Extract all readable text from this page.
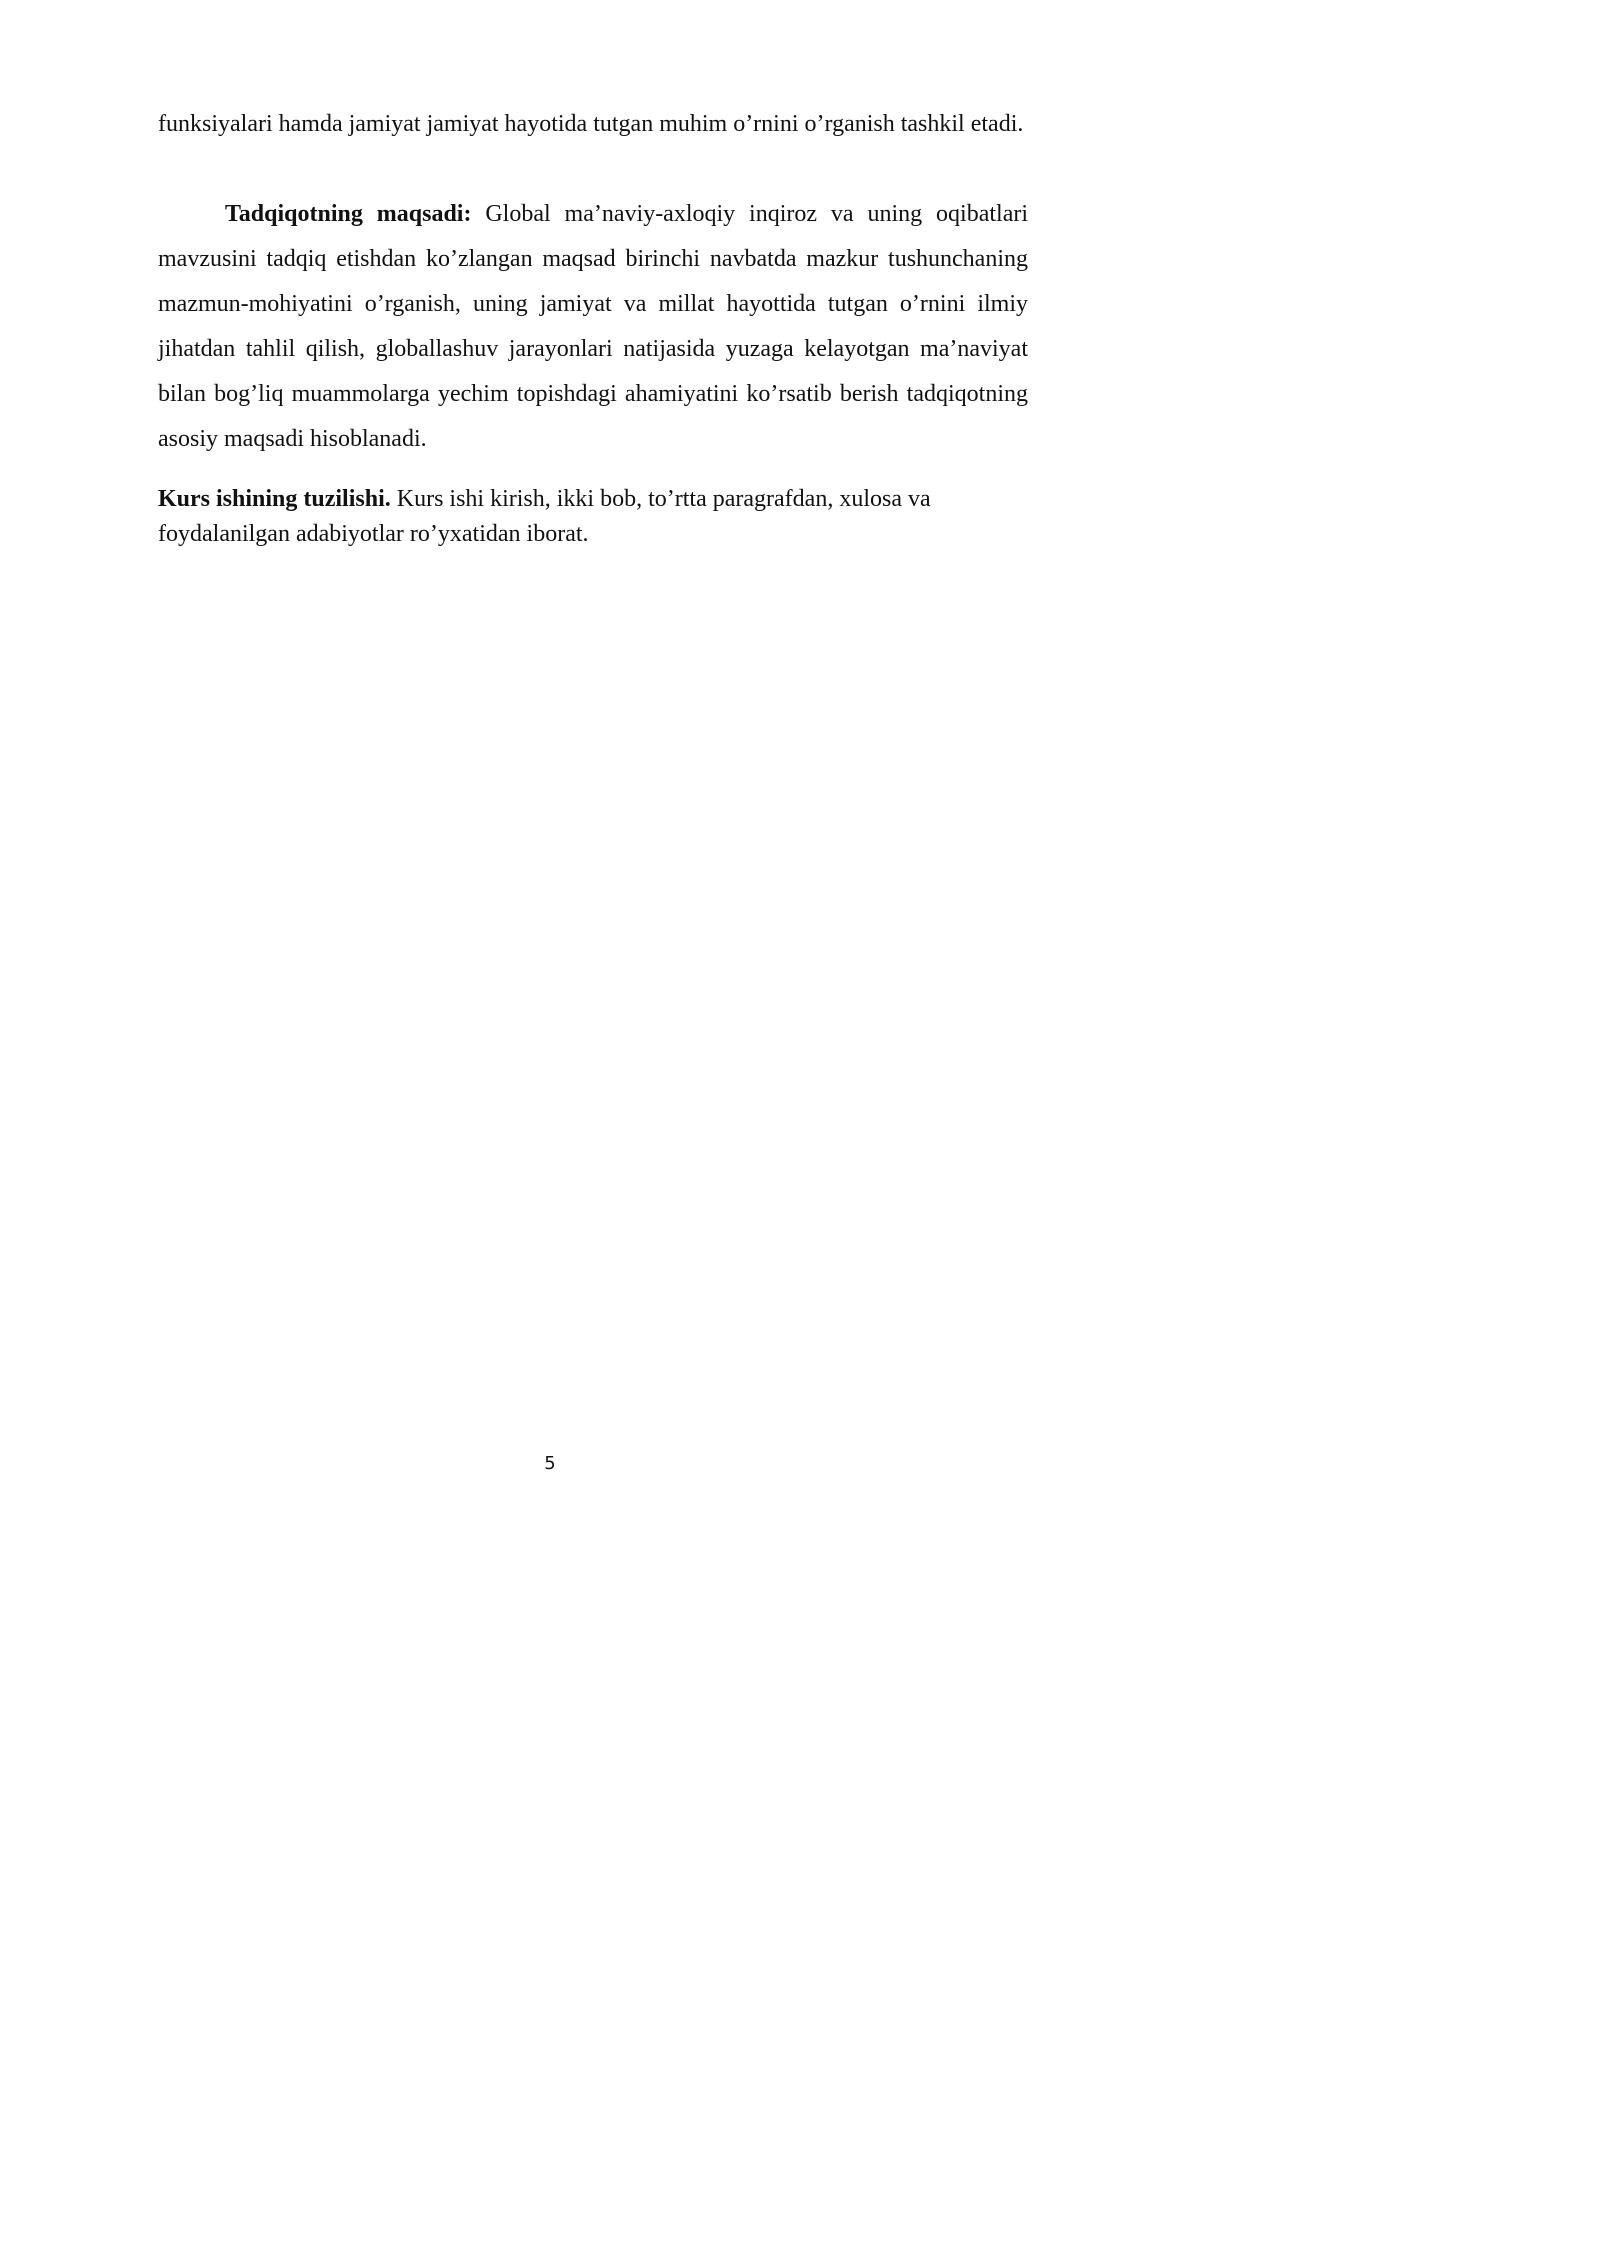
funksiyalari hamda jamiyat jamiyat hayotida tutgan muhim o’rnini o’rganish tashkil etadi.

Tadqiqotning maqsadi: Global ma’naviy-axloqiy inqiroz va uning oqibatlari mavzusini tadqiq etishdan ko’zlangan maqsad birinchi navbatda mazkur tushunchaning mazmun-mohiyatini o’rganish, uning jamiyat va millat hayottida tutgan o’rnini ilmiy jihatdan tahlil qilish, globallashuv jarayonlari natijasida yuzaga kelayotgan ma’naviyat bilan bog’liq muammolarga yechim topishdagi ahamiyatini ko’rsatib berish tadqiqotning asosiy maqsadi hisoblanadi.

Kurs ishining tuzilishi. Kurs ishi kirish, ikki bob, to’rtta paragrafdan, xulosa va foydalanilgan adabiyotlar ro’yxatidan iborat.

5
